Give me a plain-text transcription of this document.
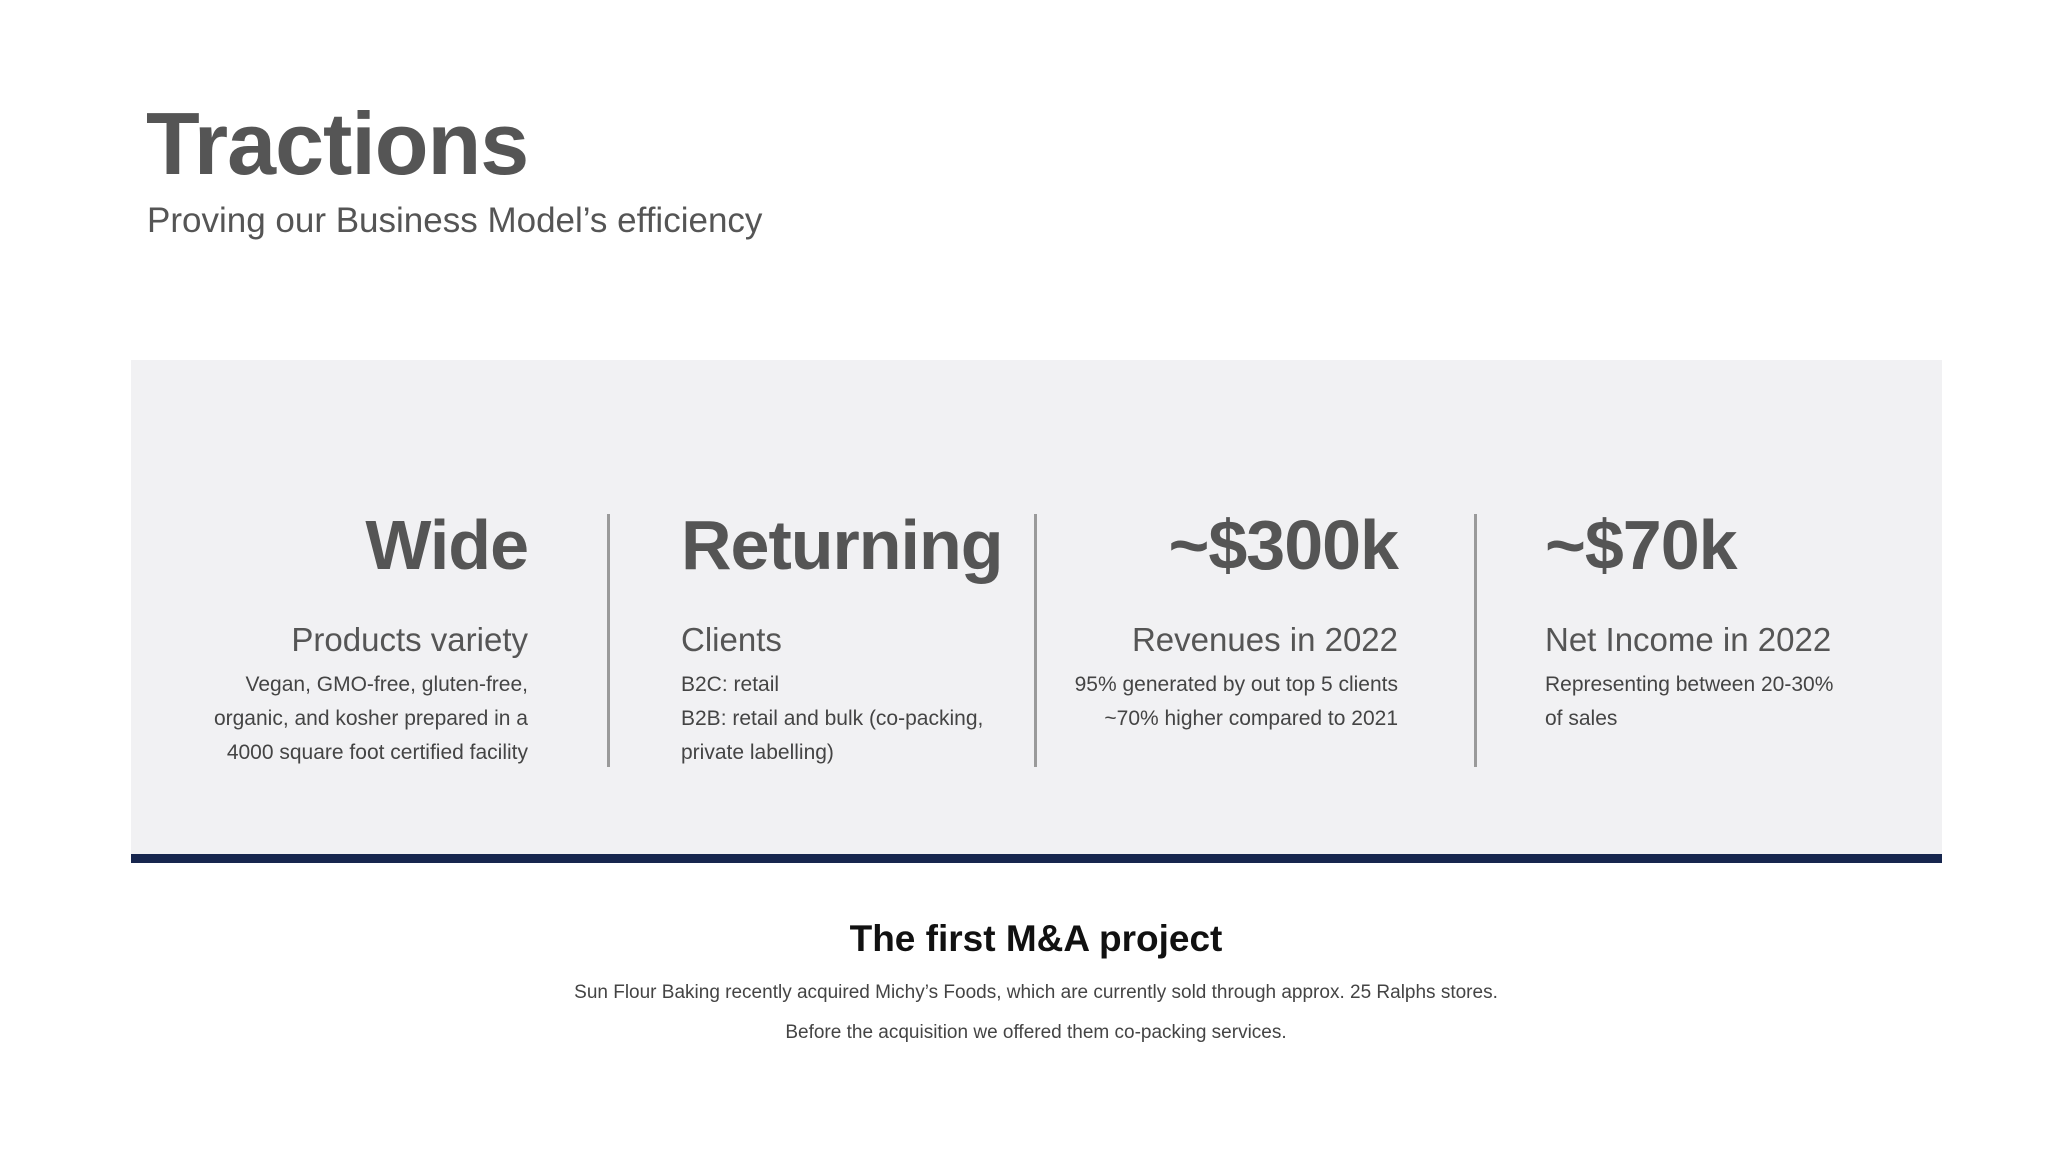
Tractions
Proving our Business Model’s efficiency
Wide
Products variety
Vegan, GMO-free, gluten-free,
organic, and kosher prepared in a
4000 square foot certified facility
Returning
Clients
B2C: retail
B2B: retail and bulk (co-packing,
private labelling)
~$300k
Revenues in 2022
95% generated by out top 5 clients
~70% higher compared to 2021
~$70k
Net Income in 2022
Representing between 20-30%
of sales
The first M&A project
Sun Flour Baking recently acquired Michy’s Foods, which are currently sold through approx. 25 Ralphs stores.
Before the acquisition we offered them co-packing services.
